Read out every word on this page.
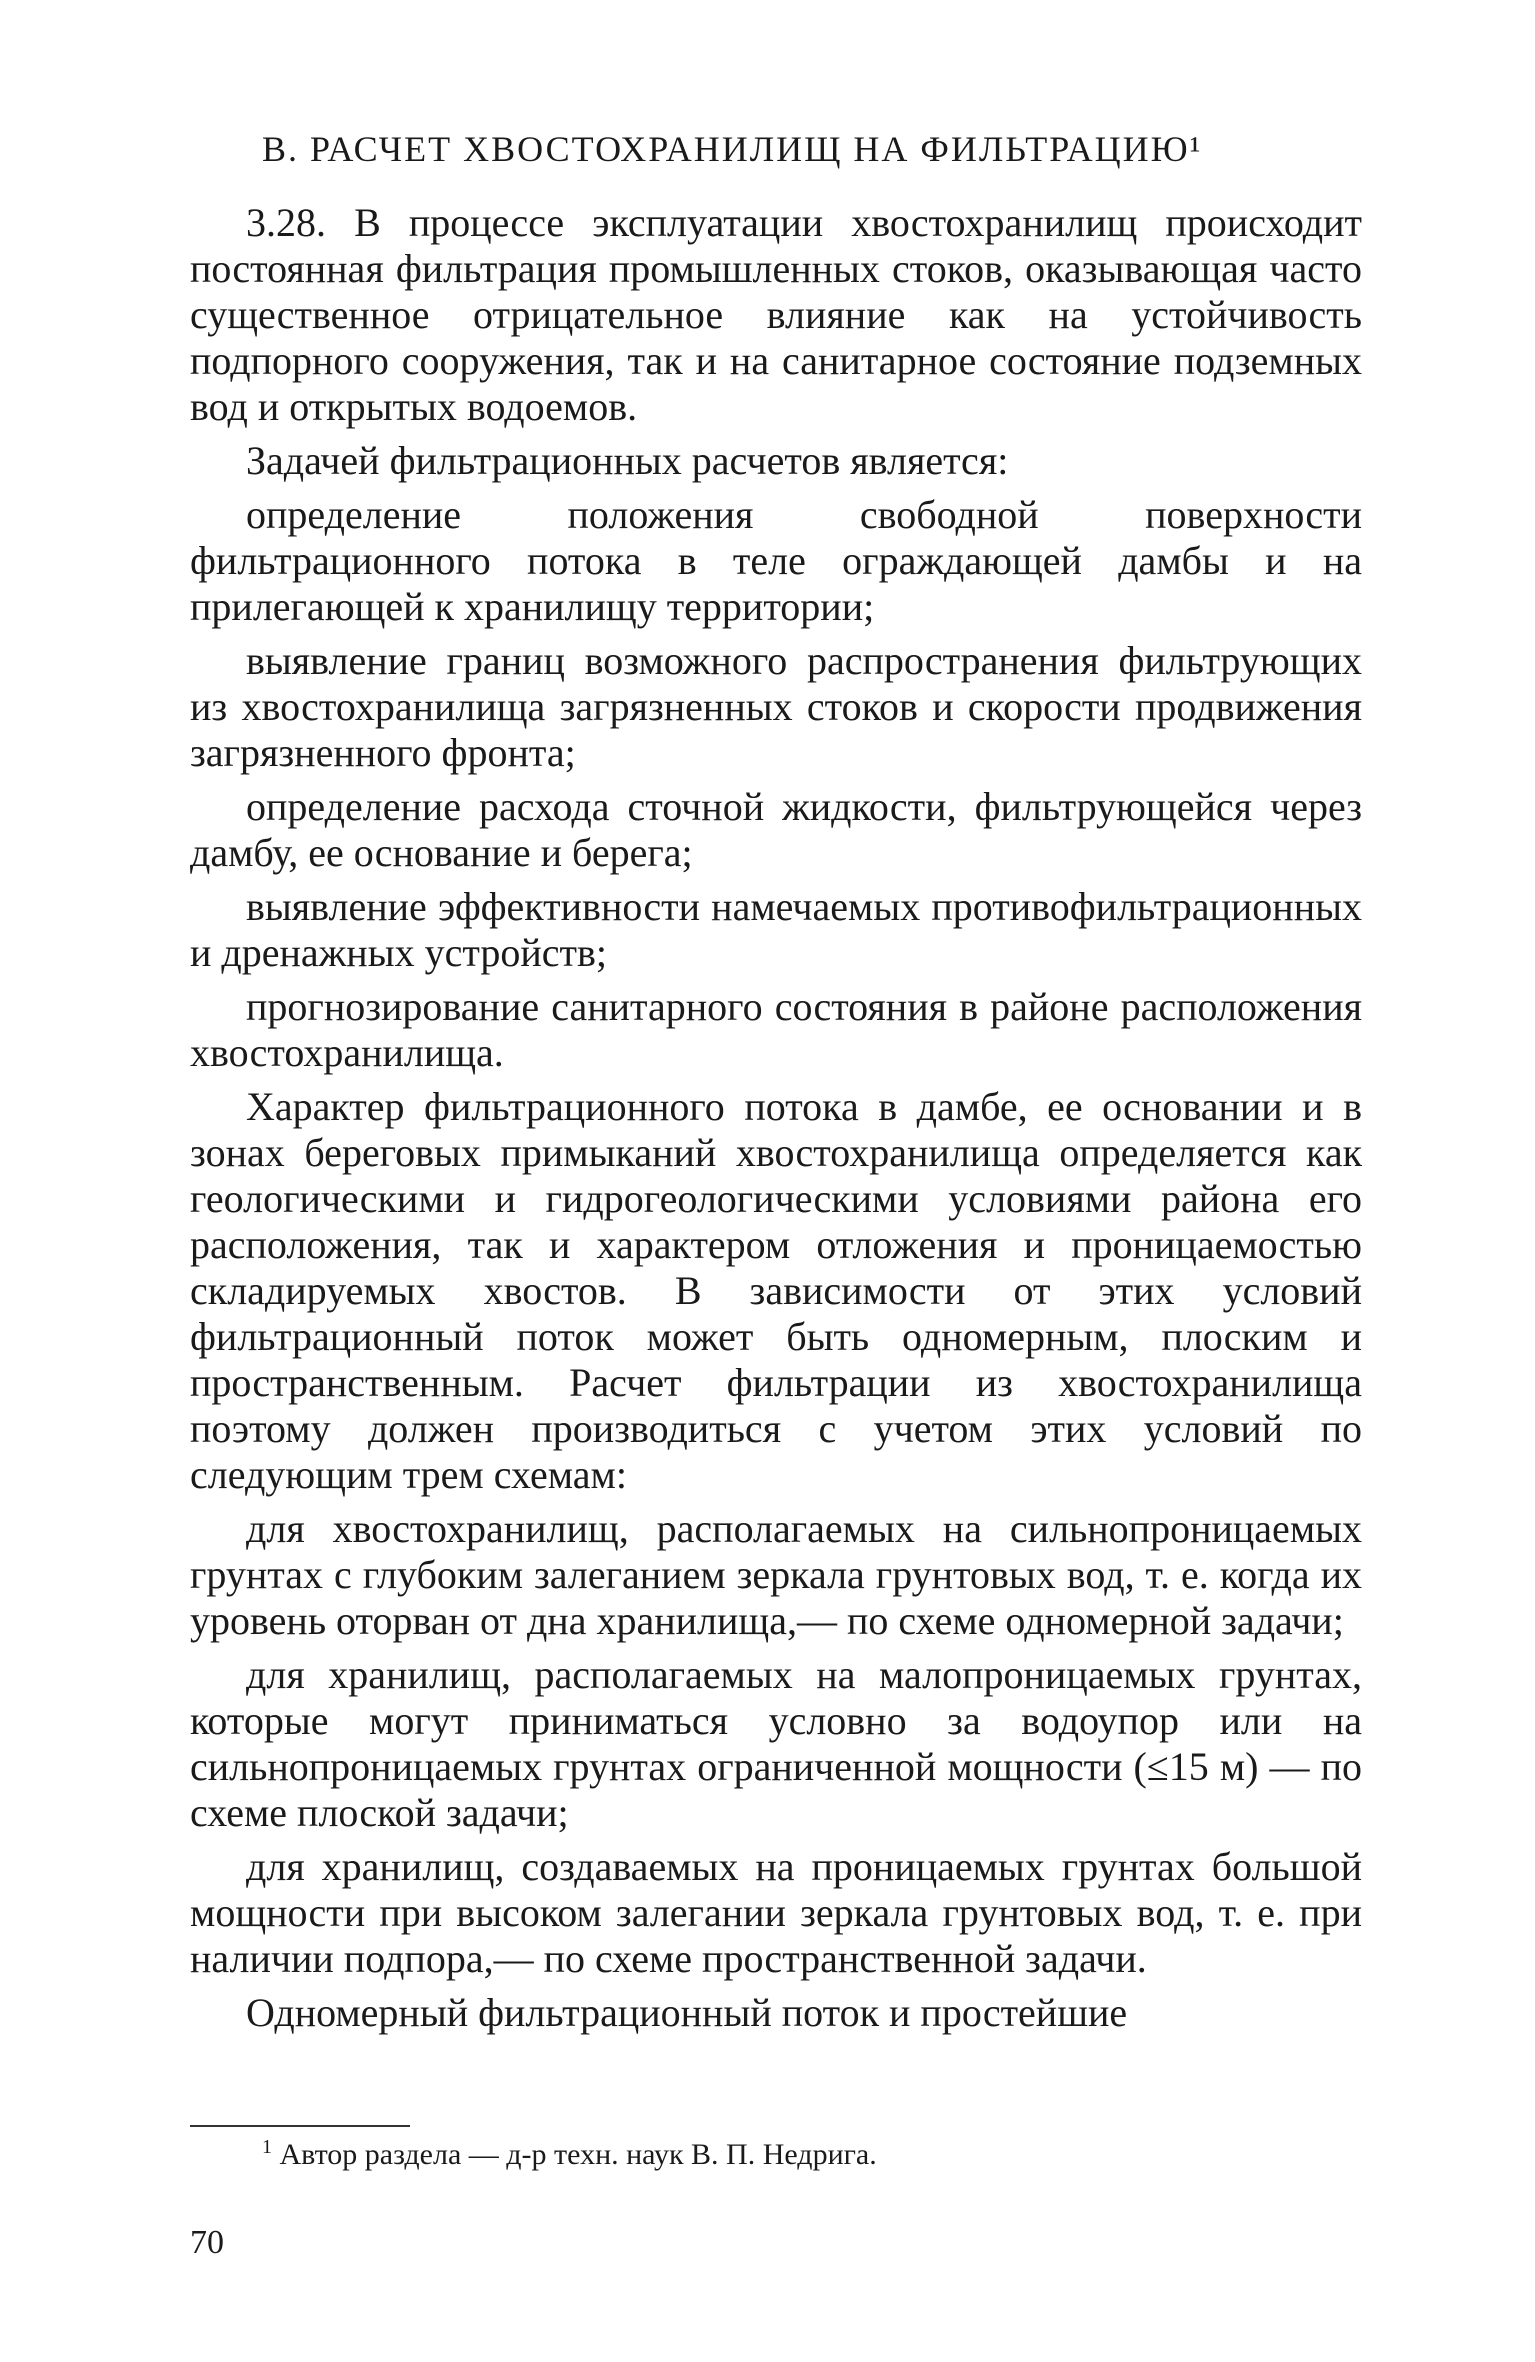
В. РАСЧЕТ ХВОСТОХРАНИЛИЩ НА ФИЛЬТРАЦИЮ¹

3.28. В процессе эксплуатации хвостохранилищ происходит постоянная фильтрация промышленных стоков, оказывающая часто существенное отрицательное влияние как на устойчивость подпорного сооружения, так и на санитарное состояние подземных вод и открытых водоемов.

Задачей фильтрационных расчетов является:

определение положения свободной поверхности фильтрационного потока в теле ограждающей дамбы и на прилегающей к хранилищу территории;

выявление границ возможного распространения фильтрующих из хвостохранилища загрязненных стоков и скорости продвижения загрязненного фронта;

определение расхода сточной жидкости, фильтрующейся через дамбу, ее основание и берега;

выявление эффективности намечаемых противофильтрационных и дренажных устройств;

прогнозирование санитарного состояния в районе расположения хвостохранилища.

Характер фильтрационного потока в дамбе, ее основании и в зонах береговых примыканий хвостохранилища определяется как геологическими и гидрогеологическими условиями района его расположения, так и характером отложения и проницаемостью складируемых хвостов. В зависимости от этих условий фильтрационный поток может быть одномерным, плоским и пространственным. Расчет фильтрации из хвостохранилища поэтому должен производиться с учетом этих условий по следующим трем схемам:

для хвостохранилищ, располагаемых на сильнопроницаемых грунтах с глубоким залеганием зеркала грунтовых вод, т. е. когда их уровень оторван от дна хранилища,— по схеме одномерной задачи;

для хранилищ, располагаемых на малопроницаемых грунтах, которые могут приниматься условно за водоупор или на сильнопроницаемых грунтах ограниченной мощности (≤15 м) — по схеме плоской задачи;

для хранилищ, создаваемых на проницаемых грунтах большой мощности при высоком залегании зеркала грунтовых вод, т. е. при наличии подпора,— по схеме пространственной задачи.

Одномерный фильтрационный поток и простейшие

$^1$ Автор раздела — д-р техн. наук В. П. Недрига.
70
